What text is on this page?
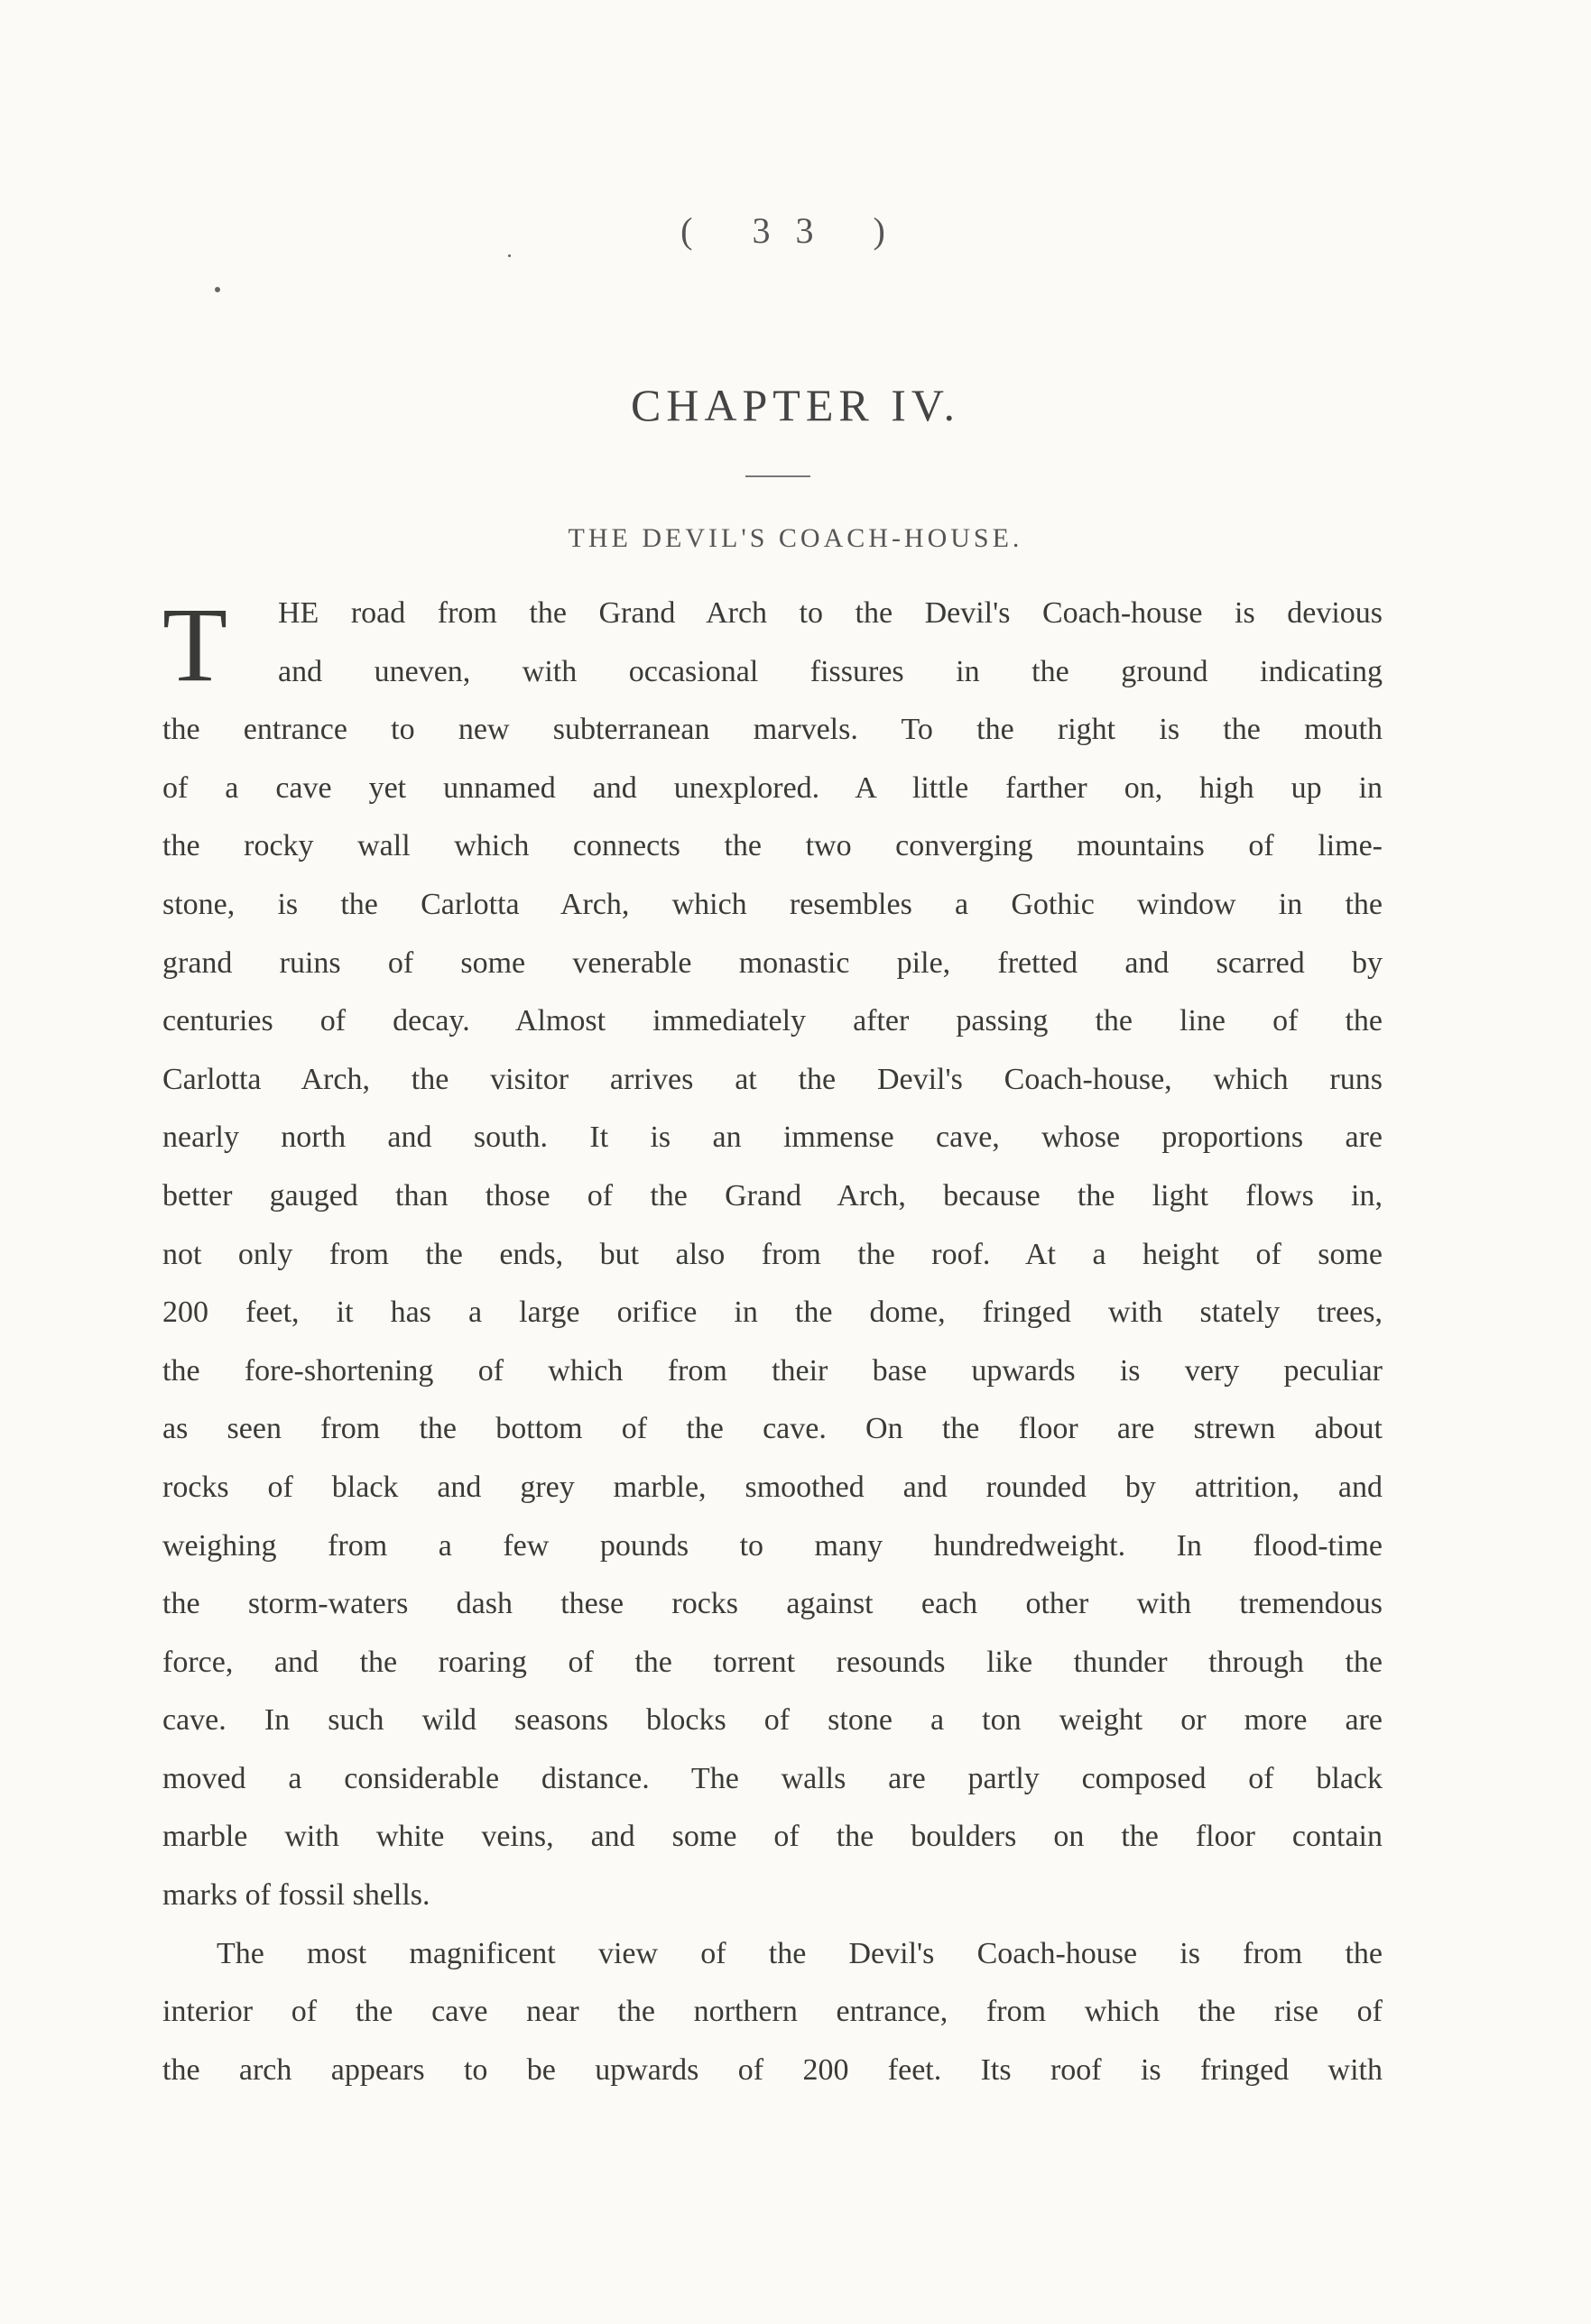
( 33 )
CHAPTER IV.
THE DEVIL'S COACH-HOUSE.
T	HE road from the Grand Arch to the Devil's Coach-house is devious
and uneven, with occasional fissures in the ground indicating
the entrance to new subterranean marvels. To the right is the mouth
of a cave yet unnamed and unexplored. A little farther on, high up in
the rocky wall which connects the two converging mountains of lime-
stone, is the Carlotta Arch, which resembles a Gothic window in the
grand ruins of some venerable monastic pile, fretted and scarred by
centuries of decay. Almost immediately after passing the line of the
Carlotta Arch, the visitor arrives at the Devil's Coach-house, which runs
nearly north and south. It is an immense cave, whose proportions are
better gauged than those of the Grand Arch, because the light flows in,
not only from the ends, but also from the roof. At a height of some
200 feet, it has a large orifice in the dome, fringed with stately trees,
the fore-shortening of which from their base upwards is very peculiar
as seen from the bottom of the cave. On the floor are strewn about
rocks of black and grey marble, smoothed and rounded by attrition, and
weighing from a few pounds to many hundredweight. In flood-time
the storm-waters dash these rocks against each other with tremendous
force, and the roaring of the torrent resounds like thunder through the
cave. In such wild seasons blocks of stone a ton weight or more are
moved a considerable distance. The walls are partly composed of black
marble with white veins, and some of the boulders on the floor contain
marks of fossil shells.
The most magnificent view of the Devil's Coach-house is from the
interior of the cave near the northern entrance, from which the rise of
the arch appears to be upwards of 200 feet. Its roof is fringed with
